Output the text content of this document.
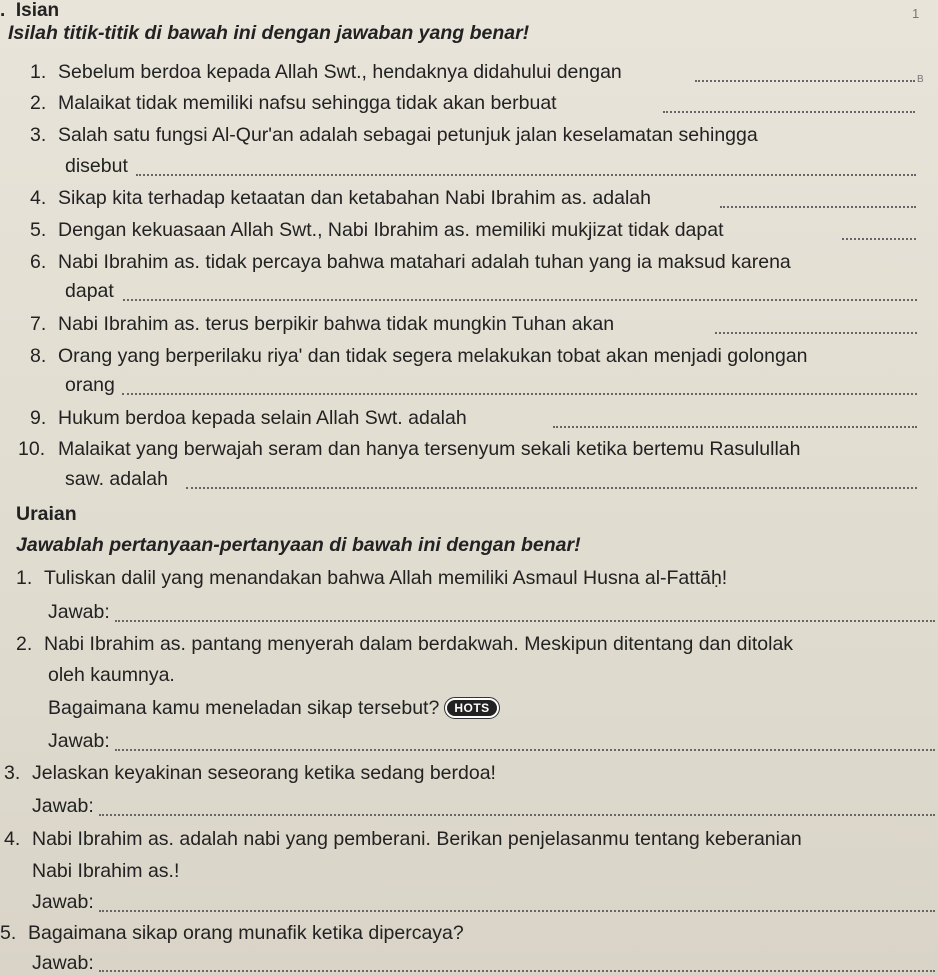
. Isian	1
B
Isilah titik-titik di bawah ini dengan jawaban yang benar!
1. Sebelum berdoa kepada Allah Swt., hendaknya didahului dengan
2. Malaikat tidak memiliki nafsu sehingga tidak akan berbuat
3. Salah satu fungsi Al-Qur'an adalah sebagai petunjuk jalan keselamatan sehingga
disebut
4. Sikap kita terhadap ketaatan dan ketabahan Nabi Ibrahim as. adalah
5. Dengan kekuasaan Allah Swt., Nabi Ibrahim as. memiliki mukjizat tidak dapat
6. Nabi Ibrahim as. tidak percaya bahwa matahari adalah tuhan yang ia maksud karena
dapat
7. Nabi Ibrahim as. terus berpikir bahwa tidak mungkin Tuhan akan
8. Orang yang berperilaku riya' dan tidak segera melakukan tobat akan menjadi golongan
orang
9. Hukum berdoa kepada selain Allah Swt. adalah
10. Malaikat yang berwajah seram dan hanya tersenyum sekali ketika bertemu Rasulullah
saw. adalah
Uraian
Jawablah pertanyaan-pertanyaan di bawah ini dengan benar!
1. Tuliskan dalil yang menandakan bahwa Allah memiliki Asmaul Husna al-Fattāḥ!
Jawab:
2. Nabi Ibrahim as. pantang menyerah dalam berdakwah. Meskipun ditentang dan ditolak
oleh kaumnya.
Bagaimana kamu meneladan sikap tersebut? HOTS
Jawab:
3. Jelaskan keyakinan seseorang ketika sedang berdoa!
Jawab:
4. Nabi Ibrahim as. adalah nabi yang pemberani. Berikan penjelasanmu tentang keberanian
Nabi Ibrahim as.!
Jawab:
5. Bagaimana sikap orang munafik ketika dipercaya?
Jawab:
